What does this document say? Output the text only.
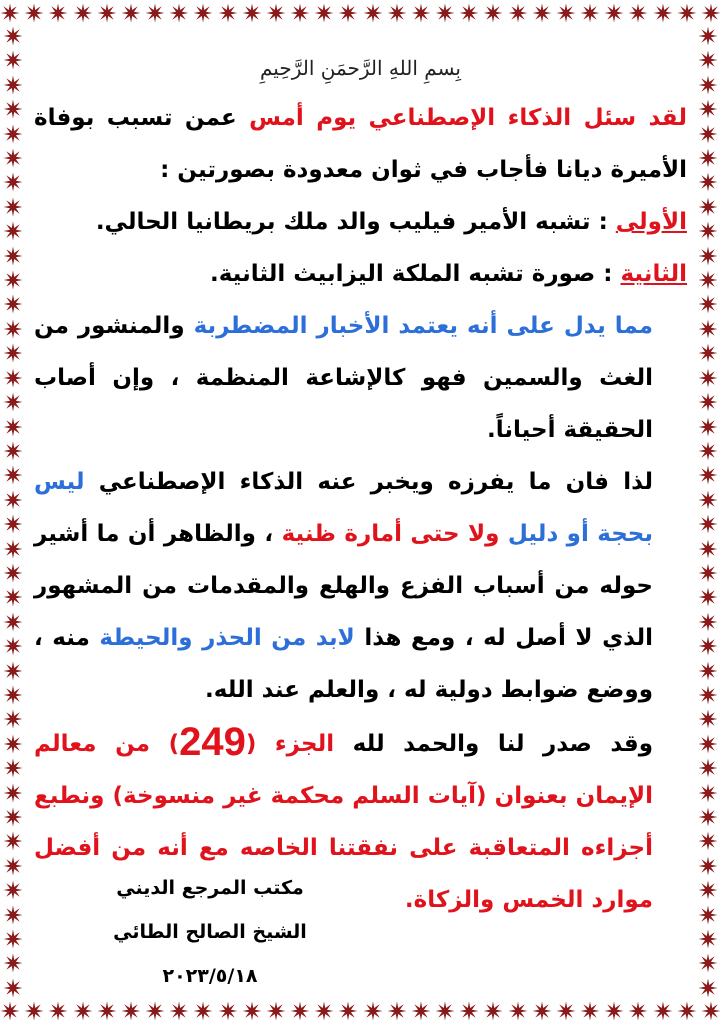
بِسمِ اللهِ الرَّحمَنِ الرَّحِيمِ

لقد سئل الذكاء الإصطناعي يوم أمس عمن تسبب بوفاة الأميرة ديانا فأجاب في ثوان معدودة بصورتين :

الأولى : تشبه الأمير فيليب والد ملك بريطانيا الحالي.

الثانية : صورة تشبه الملكة اليزابيث الثانية.

مما يدل على أنه يعتمد الأخبار المضطربة والمنشور من الغث والسمين فهو كالإشاعة المنظمة ، وإن أصاب الحقيقة أحياناً.

لذا فان ما يفرزه ويخبر عنه الذكاء الإصطناعي ليس بحجة أو دليل ولا حتى أمارة ظنية ، والظاهر أن ما أشير حوله من أسباب الفزع والهلع والمقدمات من المشهور الذي لا أصل له ، ومع هذا لابد من الحذر والحيطة منه ، ووضع ضوابط دولية له ، والعلم عند الله.

وقد صدر لنا والحمد لله الجزء (249) من معالم الإيمان بعنوان (آيات السلم محكمة غير منسوخة) ونطبع أجزاءه المتعاقبة على نفقتنا الخاصه مع أنه من أفضل موارد الخمس والزكاة.

مكتب المرجع الديني
الشيخ الصالح الطائي
٢٠٢٣/٥/١٨
